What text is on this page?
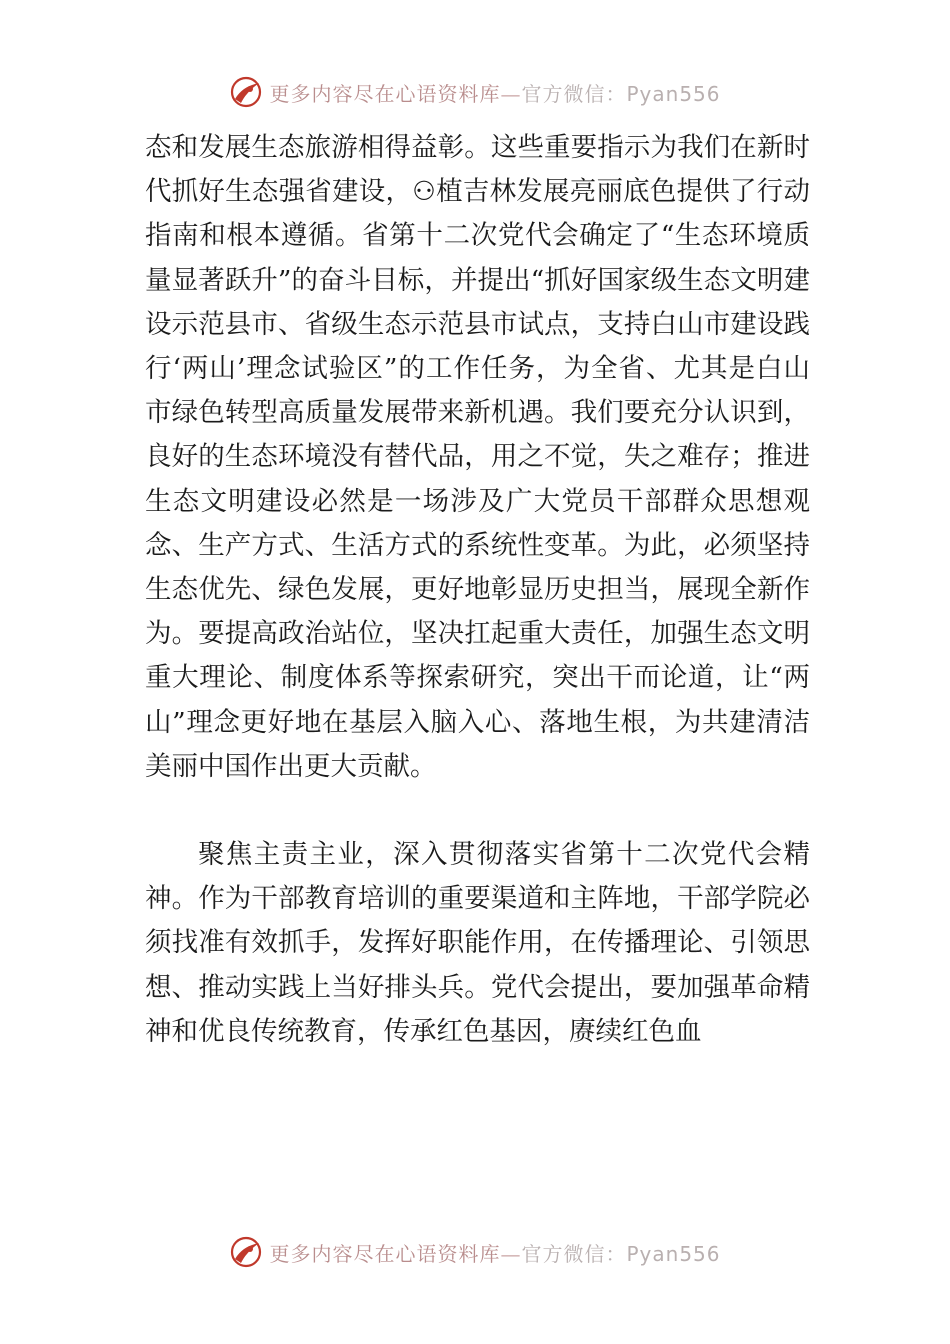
更多内容尽在心语资料库—官方微信：Pyan556

态和发展生态旅游相得益彰。这些重要指示为我们在新时代抓好生态强省建设，⚇植吉林发展亮丽底色提供了行动指南和根本遵循。省第十二次党代会确定了“生态环境质量显著跃升”的奋斗目标，并提出“抓好国家级生态文明建设示范县市、省级生态示范县市试点，支持白山市建设践行‘两山’理念试验区”的工作任务，为全省、尤其是白山市绿色转型高质量发展带来新机遇。我们要充分认识到，良好的生态环境没有替代品，用之不觉，失之难存；推进生态文明建设必然是一场涉及广大党员干部群众思想观念、生产方式、生活方式的系统性变革。为此，必须坚持生态优先、绿色发展，更好地彰显历史担当，展现全新作为。要提高政治站位，坚决扛起重大责任，加强生态文明重大理论、制度体系等探索研究，突出干而论道，让“两山”理念更好地在基层入脑入心、落地生根，为共建清洁美丽中国作出更大贡献。

聚焦主责主业，深入贯彻落实省第十二次党代会精神。作为干部教育培训的重要渠道和主阵地，干部学院必须找准有效抓手，发挥好职能作用，在传播理论、引领思想、推动实践上当好排头兵。党代会提出，要加强革命精神和优良传统教育，传承红色基因，赓续红色血

更多内容尽在心语资料库—官方微信：Pyan556
